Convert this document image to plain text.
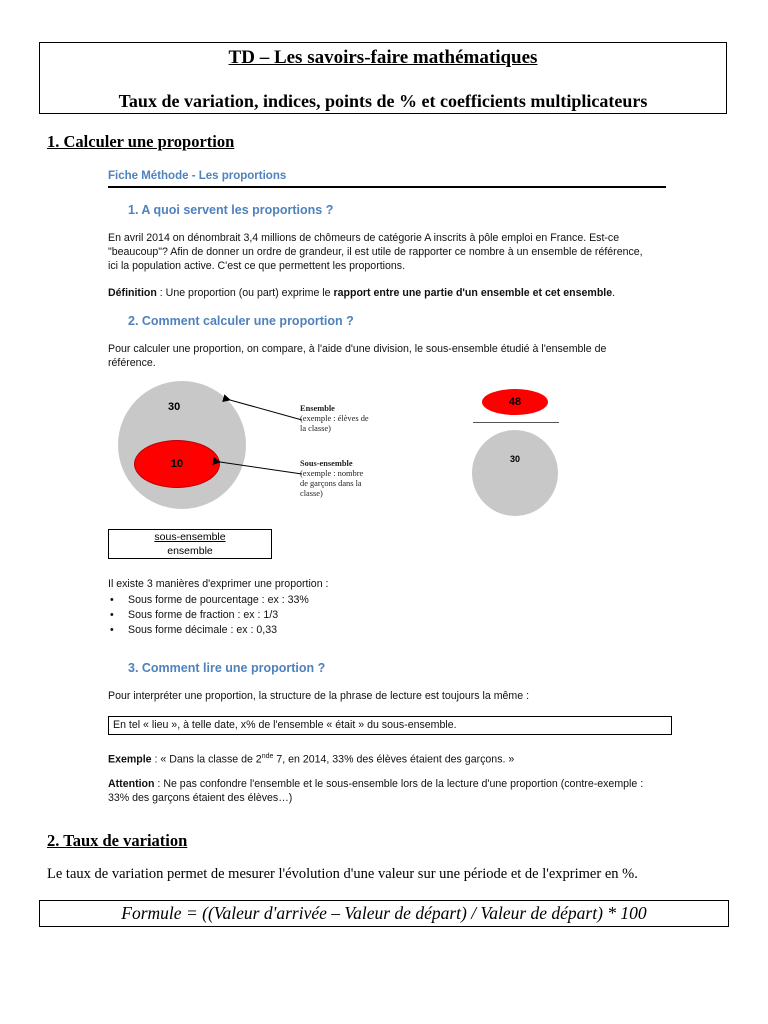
TD – Les savoirs-faire mathématiques
Taux de variation, indices, points de % et coefficients multiplicateurs
1. Calculer une proportion
Fiche Méthode - Les proportions
1. A quoi servent les proportions ?
En avril 2014 on dénombrait 3,4 millions de chômeurs de catégorie A inscrits à pôle emploi en France. Est-ce
"beaucoup"? Afin de donner un ordre de grandeur, il est utile de rapporter ce nombre à un ensemble de référence,
ici la population active. C'est ce que permettent les proportions.
Définition : Une proportion (ou part) exprime le rapport entre une partie d'un ensemble et cet ensemble.
2. Comment calculer une proportion ?
Pour calculer une proportion, on compare, à l'aide d'une division, le sous-ensemble étudié à l'ensemble de
référence.
30
10
Ensemble
(exemple : élèves de
la classe)
Sous-ensemble
(exemple : nombre
de garçons dans la
classe)
48
30
sous-ensemble
ensemble
Il existe 3 manières d'exprimer une proportion :
• Sous forme de pourcentage : ex : 33%
• Sous forme de fraction : ex : 1/3
• Sous forme décimale : ex : 0,33
3. Comment lire une proportion ?
Pour interpréter une proportion, la structure de la phrase de lecture est toujours la même :
En tel « lieu », à telle date, x% de l'ensemble « était » du sous-ensemble.
Exemple : « Dans la classe de 2nde 7, en 2014, 33% des élèves étaient des garçons. »
Attention : Ne pas confondre l'ensemble et le sous-ensemble lors de la lecture d'une proportion (contre-exemple :
33% des garçons étaient des élèves…)
2. Taux de variation
Le taux de variation permet de mesurer l'évolution d'une valeur sur une période et de l'exprimer en %.
Formule = ((Valeur d'arrivée – Valeur de départ) / Valeur de départ) * 100
